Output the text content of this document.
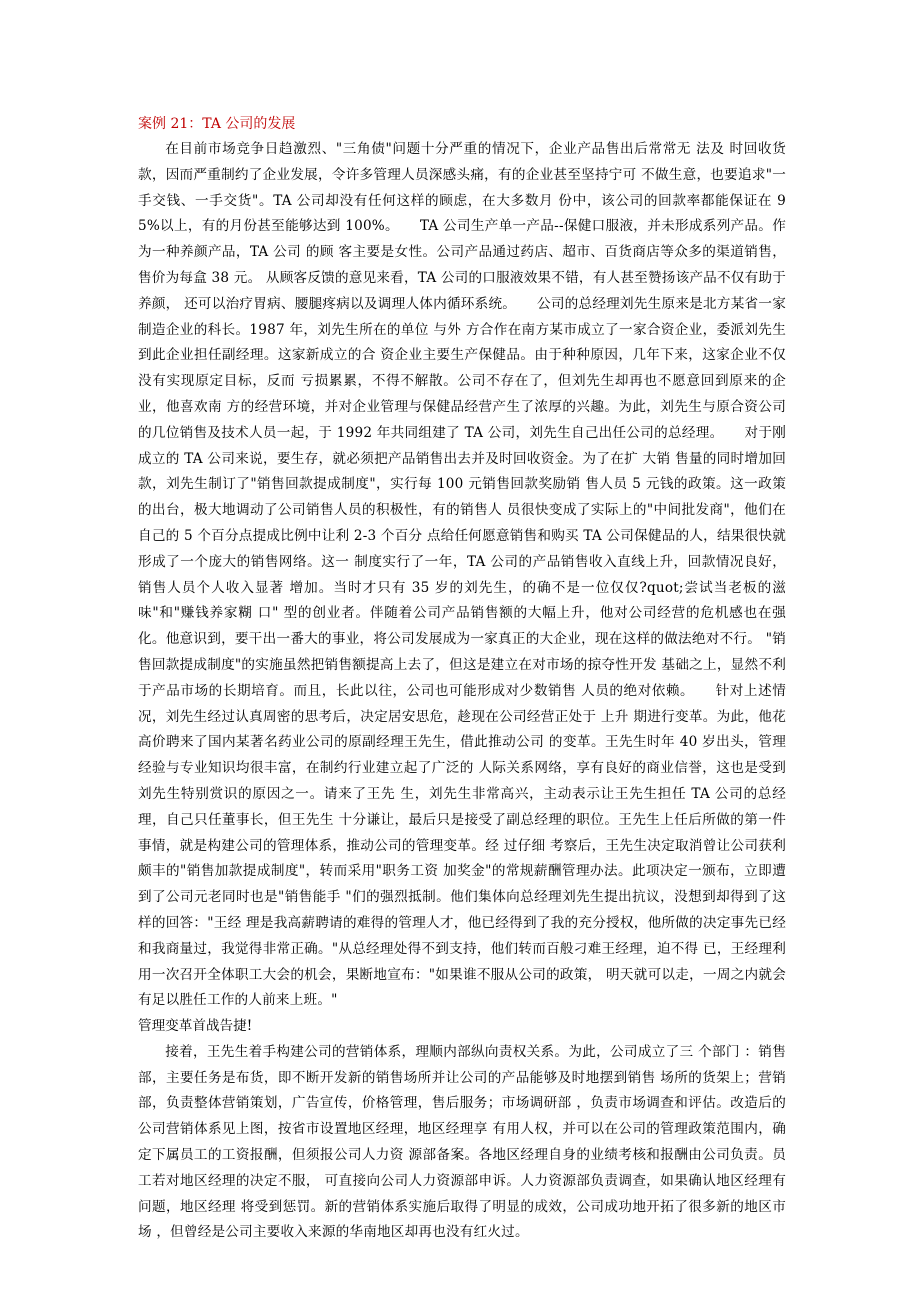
案例 21：TA 公司的发展

在目前市场竞争日趋激烈、"三角债"问题十分严重的情况下，企业产品售出后常常无 法及 时回收货款，因而严重制约了企业发展，令许多管理人员深感头痛，有的企业甚至坚持宁可 不做生意，也要追求"一手交钱、一手交货"。TA 公司却没有任何这样的顾虑，在大多数月 份中，该公司的回款率都能保证在 95%以上，有的月份甚至能够达到 100%。　　TA 公司生产单一产品--保健口服液，并未形成系列产品。作为一种养颜产品，TA 公司 的顾 客主要是女性。公司产品通过药店、超市、百货商店等众多的渠道销售，售价为每盒 38 元。 从顾客反馈的意见来看，TA 公司的口服液效果不错，有人甚至赞扬该产品不仅有助于养颜， 还可以治疗胃病、腰腿疼病以及调理人体内循环系统。　　公司的总经理刘先生原来是北方某省一家制造企业的科长。1987 年，刘先生所在的单位 与外 方合作在南方某市成立了一家合资企业，委派刘先生到此企业担任副经理。这家新成立的合 资企业主要生产保健品。由于种种原因，几年下来，这家企业不仅没有实现原定目标，反而 亏损累累，不得不解散。公司不存在了，但刘先生却再也不愿意回到原来的企业，他喜欢南 方的经营环境，并对企业管理与保健品经营产生了浓厚的兴趣。为此，刘先生与原合资公司 的几位销售及技术人员一起，于 1992 年共同组建了 TA 公司，刘先生自己出任公司的总经理。　　对于刚成立的 TA 公司来说，要生存，就必须把产品销售出去并及时回收资金。为了在扩 大销 售量的同时增加回款，刘先生制订了"销售回款提成制度"，实行每 100 元销售回款奖励销 售人员 5 元钱的政策。这一政策的出台，极大地调动了公司销售人员的积极性，有的销售人 员很快变成了实际上的"中间批发商"，他们在自己的 5 个百分点提成比例中让利 2-3 个百分 点给任何愿意销售和购买 TA 公司保健品的人，结果很快就形成了一个庞大的销售网络。这一 制度实行了一年，TA 公司的产品销售收入直线上升，回款情况良好，销售人员个人收入显著 增加。当时才只有 35 岁的刘先生，的确不是一位仅仅?quot;尝试当老板的滋味"和"赚钱养家糊 口" 型的创业者。伴随着公司产品销售额的大幅上升，他对公司经营的危机感也在强化。他意识到，要干出一番大的事业，将公司发展成为一家真正的大企业，现在这样的做法绝对不行。 "销售回款提成制度"的实施虽然把销售额提高上去了，但这是建立在对市场的掠夺性开发 基础之上，显然不利于产品市场的长期培育。而且，长此以往，公司也可能形成对少数销售 人员的绝对依赖。　　针对上述情况，刘先生经过认真周密的思考后，决定居安思危，趁现在公司经营正处于 上升 期进行变革。为此，他花高价聘来了国内某著名药业公司的原副经理王先生，借此推动公司 的变革。王先生时年 40 岁出头，管理经验与专业知识均很丰富，在制约行业建立起了广泛的 人际关系网络，享有良好的商业信誉，这也是受到刘先生特别赏识的原因之一。请来了王先 生，刘先生非常高兴，主动表示让王先生担任 TA 公司的总经理，自己只任董事长，但王先生 十分谦让，最后只是接受了副总经理的职位。王先生上任后所做的第一件事情，就是构建公司的管理体系，推动公司的管理变革。经 过仔细 考察后，王先生决定取消曾让公司获利颇丰的"销售加款提成制度"，转而采用"职务工资 加奖金"的常规薪酬管理办法。此项决定一颁布，立即遭到了公司元老同时也是"销售能手 "们的强烈抵制。他们集体向总经理刘先生提出抗议，没想到却得到了这样的回答："王经 理是我高薪聘请的难得的管理人才，他已经得到了我的充分授权，他所做的决定事先已经和我商量过，我觉得非常正确。"从总经理处得不到支持，他们转而百般刁难王经理，迫不得 已，王经理利用一次召开全体职工大会的机会，果断地宣布："如果谁不服从公司的政策， 明天就可以走，一周之内就会有足以胜任工作的人前来上班。"

管理变革首战告捷!

接着，王先生着手构建公司的营销体系，理顺内部纵向责权关系。为此，公司成立了三 个部门 ：销售部，主要任务是布货，即不断开发新的销售场所并让公司的产品能够及时地摆到销售 场所的货架上；营销部，负责整体营销策划，广告宣传，价格管理，售后服务；市场调研部 ，负责市场调查和评估。改造后的公司营销体系见上图，按省市设置地区经理，地区经理享 有用人权，并可以在公司的管理政策范围内，确定下属员工的工资报酬，但须报公司人力资 源部备案。各地区经理自身的业绩考核和报酬由公司负责。员工若对地区经理的决定不服， 可直接向公司人力资源部申诉。人力资源部负责调查，如果确认地区经理有问题，地区经理 将受到惩罚。新的营销体系实施后取得了明显的成效，公司成功地开拓了很多新的地区市场 ，但曾经是公司主要收入来源的华南地区却再也没有红火过。
